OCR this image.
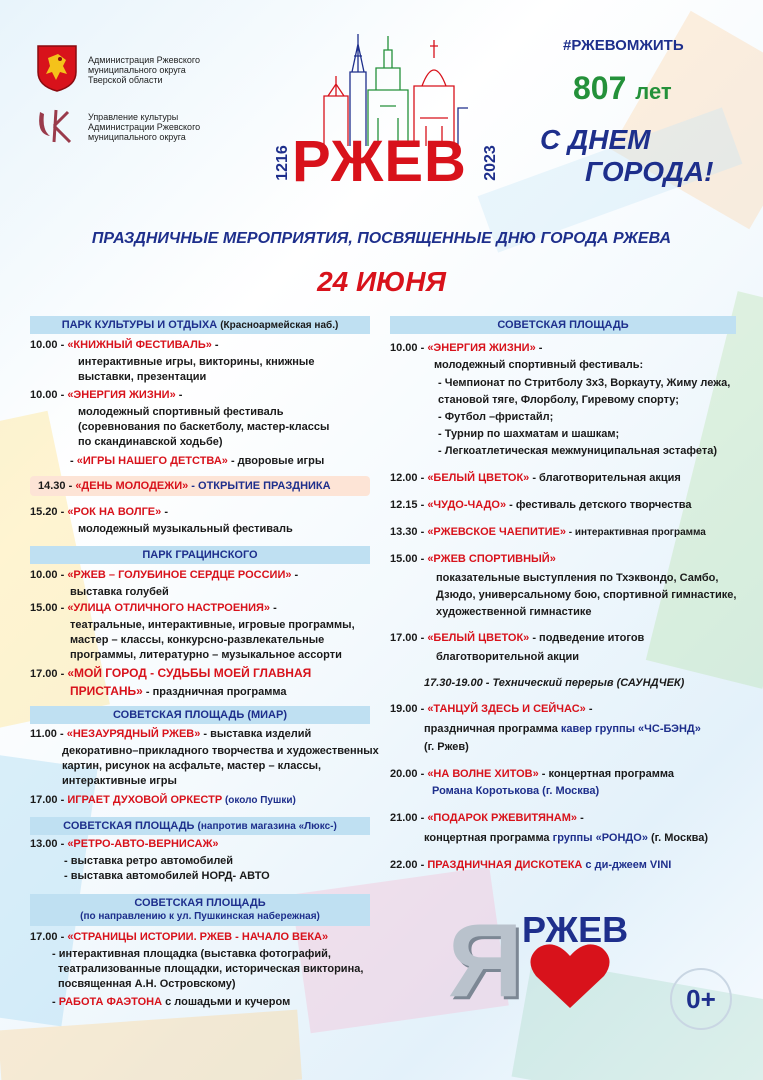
Администрация Ржевского
муниципального округа
Тверской области
Управление культуры
Администрации Ржевского
муниципального округа
1216 РЖЕВ 2023
#РЖЕВОМЖИТЬ
807 лет
С ДНЕМ
ГОРОДА!
ПРАЗДНИЧНЫЕ МЕРОПРИЯТИЯ, ПОСВЯЩЕННЫЕ ДНЮ ГОРОДА РЖЕВА
24 ИЮНЯ
ПАРК КУЛЬТУРЫ И ОТДЫХА (Красноармейская наб.)
10.00 - «КНИЖНЫЙ ФЕСТИВАЛЬ» -
интерактивные игры, викторины, книжные
выставки, презентации
10.00 - «ЭНЕРГИЯ ЖИЗНИ» -
молодежный спортивный фестиваль
(соревнования по баскетболу, мастер-классы
по скандинавской ходьбе)
- «ИГРЫ НАШЕГО ДЕТСТВА» - дворовые игры
14.30 - «ДЕНЬ МОЛОДЕЖИ» - ОТКРЫТИЕ ПРАЗДНИКА
15.20 - «РОК НА ВОЛГЕ» -
молодежный музыкальный фестиваль
ПАРК ГРАЦИНСКОГО
10.00 - «РЖЕВ – ГОЛУБИНОЕ СЕРДЦЕ РОССИИ» -
выставка голубей
15.00 - «УЛИЦА ОТЛИЧНОГО НАСТРОЕНИЯ» -
театральные, интерактивные, игровые программы,
мастер – классы, конкурсно-развлекательные
программы, литературно – музыкальное ассорти
17.00 - «МОЙ ГОРОД - СУДЬБЫ МОЕЙ ГЛАВНАЯ
ПРИСТАНЬ» - праздничная программа
СОВЕТСКАЯ ПЛОЩАДЬ (МИАР)
11.00 - «НЕЗАУРЯДНЫЙ РЖЕВ» - выставка изделий
декоративно–прикладного творчества и художественных
картин, рисунок на асфальте, мастер – классы,
интерактивные игры
17.00 - ИГРАЕТ ДУХОВОЙ ОРКЕСТР (около Пушки)
СОВЕТСКАЯ ПЛОЩАДЬ (напротив магазина «Люкс-)
13.00 - «РЕТРО-АВТО-ВЕРНИСАЖ»
- выставка ретро автомобилей
- выставка автомобилей НОРД- АВТО
СОВЕТСКАЯ ПЛОЩАДЬ
(по направлению к ул. Пушкинская набережная)
17.00 - «СТРАНИЦЫ ИСТОРИИ. РЖЕВ - НАЧАЛО ВЕКА»
- интерактивная площадка (выставка фотографий,
театрализованные площадки, историческая викторина,
посвященная А.Н. Островскому)
- РАБОТА ФАЭТОНА с лошадьми и кучером
СОВЕТСКАЯ ПЛОЩАДЬ
10.00 - «ЭНЕРГИЯ ЖИЗНИ» -
молодежный спортивный фестиваль:
- Чемпионат по Стритболу 3х3, Воркауту, Жиму лежа,
становой тяге, Флорболу, Гиревому спорту;
- Футбол –фристайл;
- Турнир по шахматам и шашкам;
- Легкоатлетическая межмуниципальная эстафета)
12.00 - «БЕЛЫЙ ЦВЕТОК» - благотворительная акция
12.15 - «ЧУДО-ЧАДО» - фестиваль детского творчества
13.30 - «РЖЕВСКОЕ ЧАЕПИТИЕ» - интерактивная программа
15.00 - «РЖЕВ СПОРТИВНЫЙ»
показательные выступления по Тхэквондо, Самбо,
Дзюдо, универсальному бою, спортивной гимнастике,
художественной гимнастике
17.00 - «БЕЛЫЙ ЦВЕТОК» - подведение итогов
благотворительной акции
17.30-19.00 - Технический перерыв (САУНДЧЕК)
19.00 - «ТАНЦУЙ ЗДЕСЬ И СЕЙЧАС» -
праздничная программа кавер группы «ЧС-БЭНД»
(г. Ржев)
20.00 - «НА ВОЛНЕ ХИТОВ» - концертная программа
Романа Коротькова (г. Москва)
21.00 - «ПОДАРОК РЖЕВИТЯНАМ» -
концертная программа группы «РОНДО» (г. Москва)
22.00 - ПРАЗДНИЧНАЯ ДИСКОТЕКА с ди-джеем VINI
Я РЖЕВ
0+
